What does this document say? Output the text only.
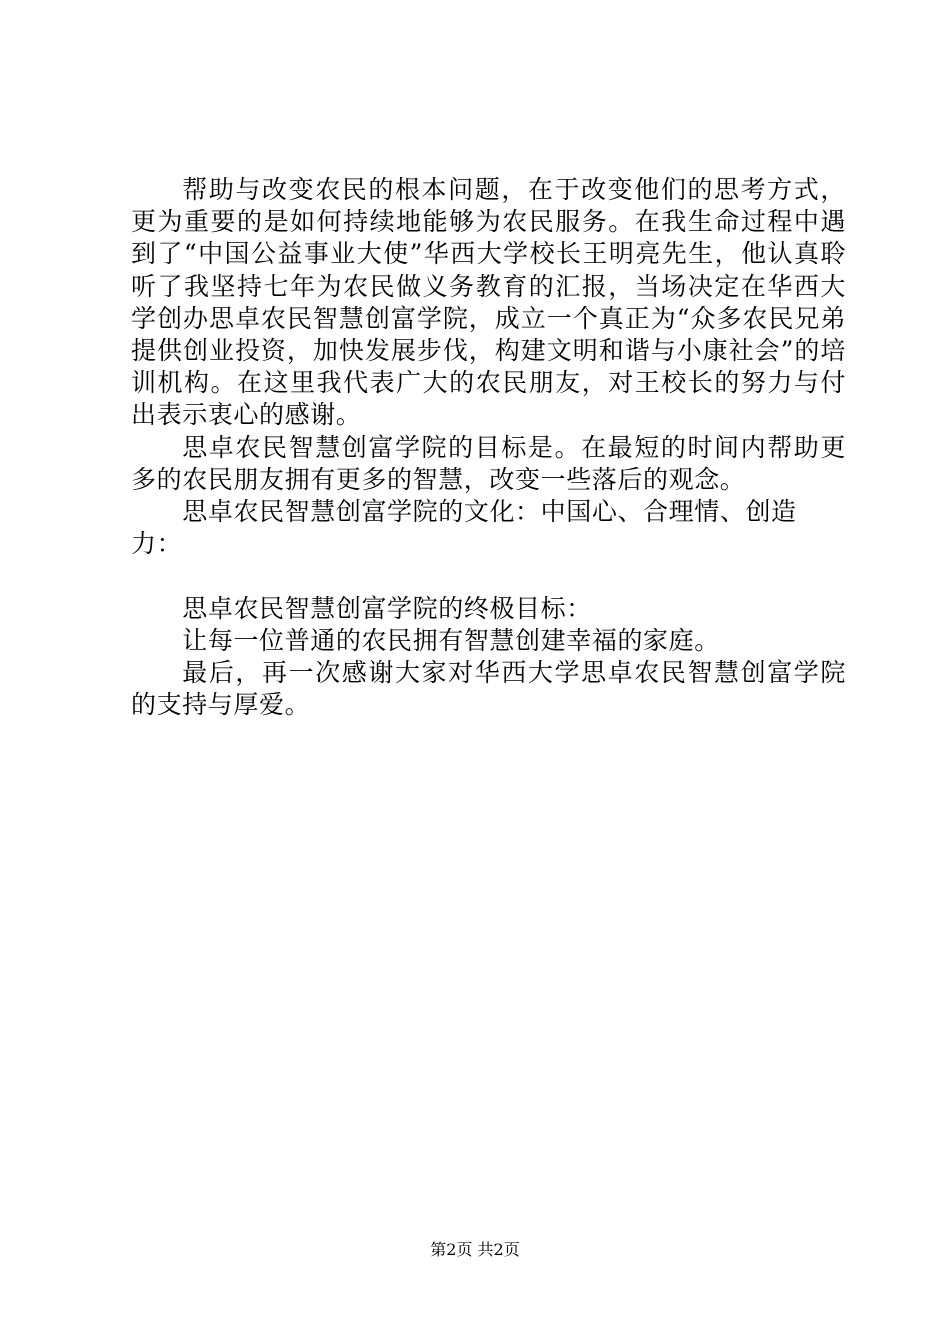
帮助与改变农民的根本问题，在于改变他们的思考方式，更为重要的是如何持续地能够为农民服务。在我生命过程中遇到了“中国公益事业大使”华西大学校长王明亮先生，他认真聆听了我坚持七年为农民做义务教育的汇报，当场决定在华西大学创办思卓农民智慧创富学院，成立一个真正为“众多农民兄弟提供创业投资，加快发展步伐，构建文明和谐与小康社会”的培训机构。在这里我代表广大的农民朋友，对王校长的努力与付出表示衷心的感谢。

思卓农民智慧创富学院的目标是。在最短的时间内帮助更多的农民朋友拥有更多的智慧，改变一些落后的观念。

思卓农民智慧创富学院的文化：中国心、合理情、创造力：

思卓农民智慧创富学院的终极目标：

让每一位普通的农民拥有智慧创建幸福的家庭。

最后，再一次感谢大家对华西大学思卓农民智慧创富学院的支持与厚爱。

第2页 共2页
